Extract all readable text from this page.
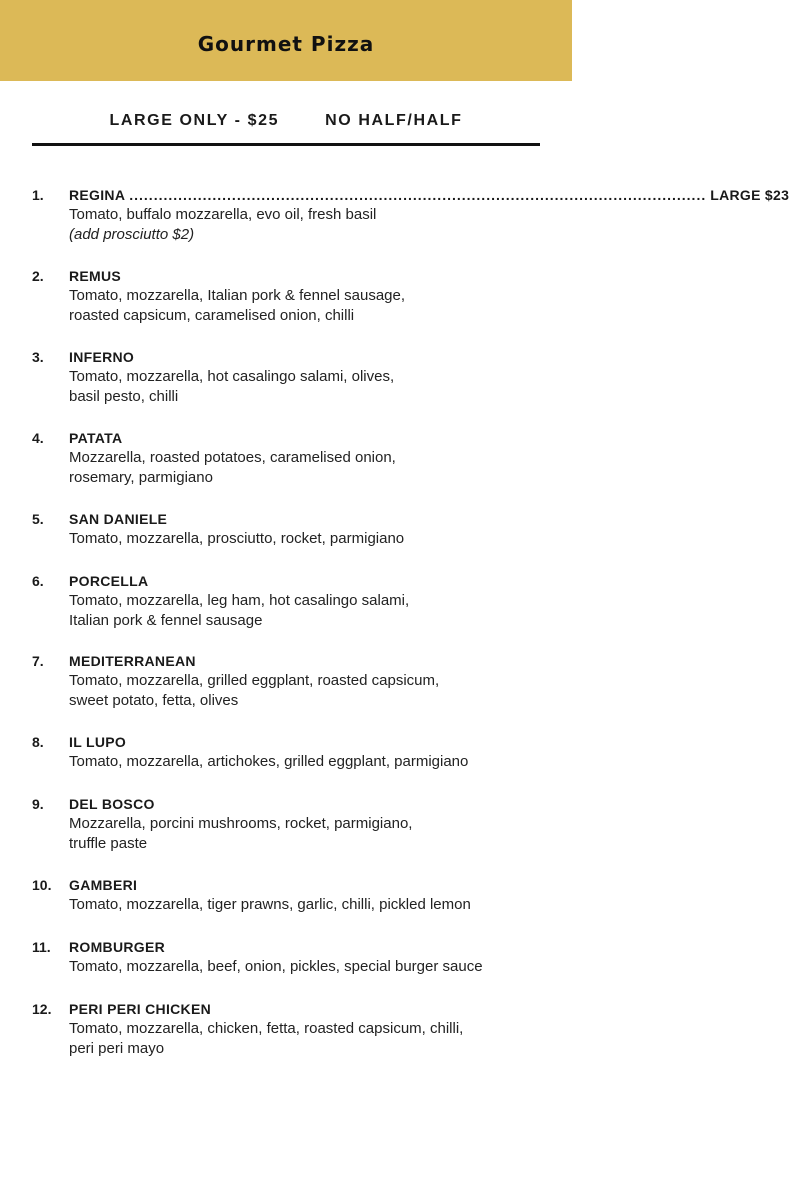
Gourmet Pizza
LARGE ONLY - $25	NO HALF/HALF
1. REGINA ...................................................................................................................... LARGE $23
Tomato, buffalo mozzarella, evo oil, fresh basil
(add prosciutto $2)
2. REMUS
Tomato, mozzarella, Italian pork & fennel sausage,
roasted capsicum, caramelised onion, chilli
3. INFERNO
Tomato, mozzarella, hot casalingo salami, olives,
basil pesto, chilli
4. PATATA
Mozzarella, roasted potatoes, caramelised onion,
rosemary, parmigiano
5. SAN DANIELE
Tomato, mozzarella, prosciutto, rocket, parmigiano
6. PORCELLA
Tomato, mozzarella, leg ham, hot casalingo salami,
Italian pork & fennel sausage
7. MEDITERRANEAN
Tomato, mozzarella, grilled eggplant, roasted capsicum,
sweet potato, fetta, olives
8. IL LUPO
Tomato, mozzarella, artichokes, grilled eggplant, parmigiano
9. DEL BOSCO
Mozzarella, porcini mushrooms, rocket, parmigiano,
truffle paste
10. GAMBERI
Tomato, mozzarella, tiger prawns, garlic, chilli, pickled lemon
11. ROMBURGER
Tomato, mozzarella, beef, onion, pickles, special burger sauce
12. PERI PERI CHICKEN
Tomato, mozzarella, chicken, fetta, roasted capsicum, chilli,
peri peri mayo
